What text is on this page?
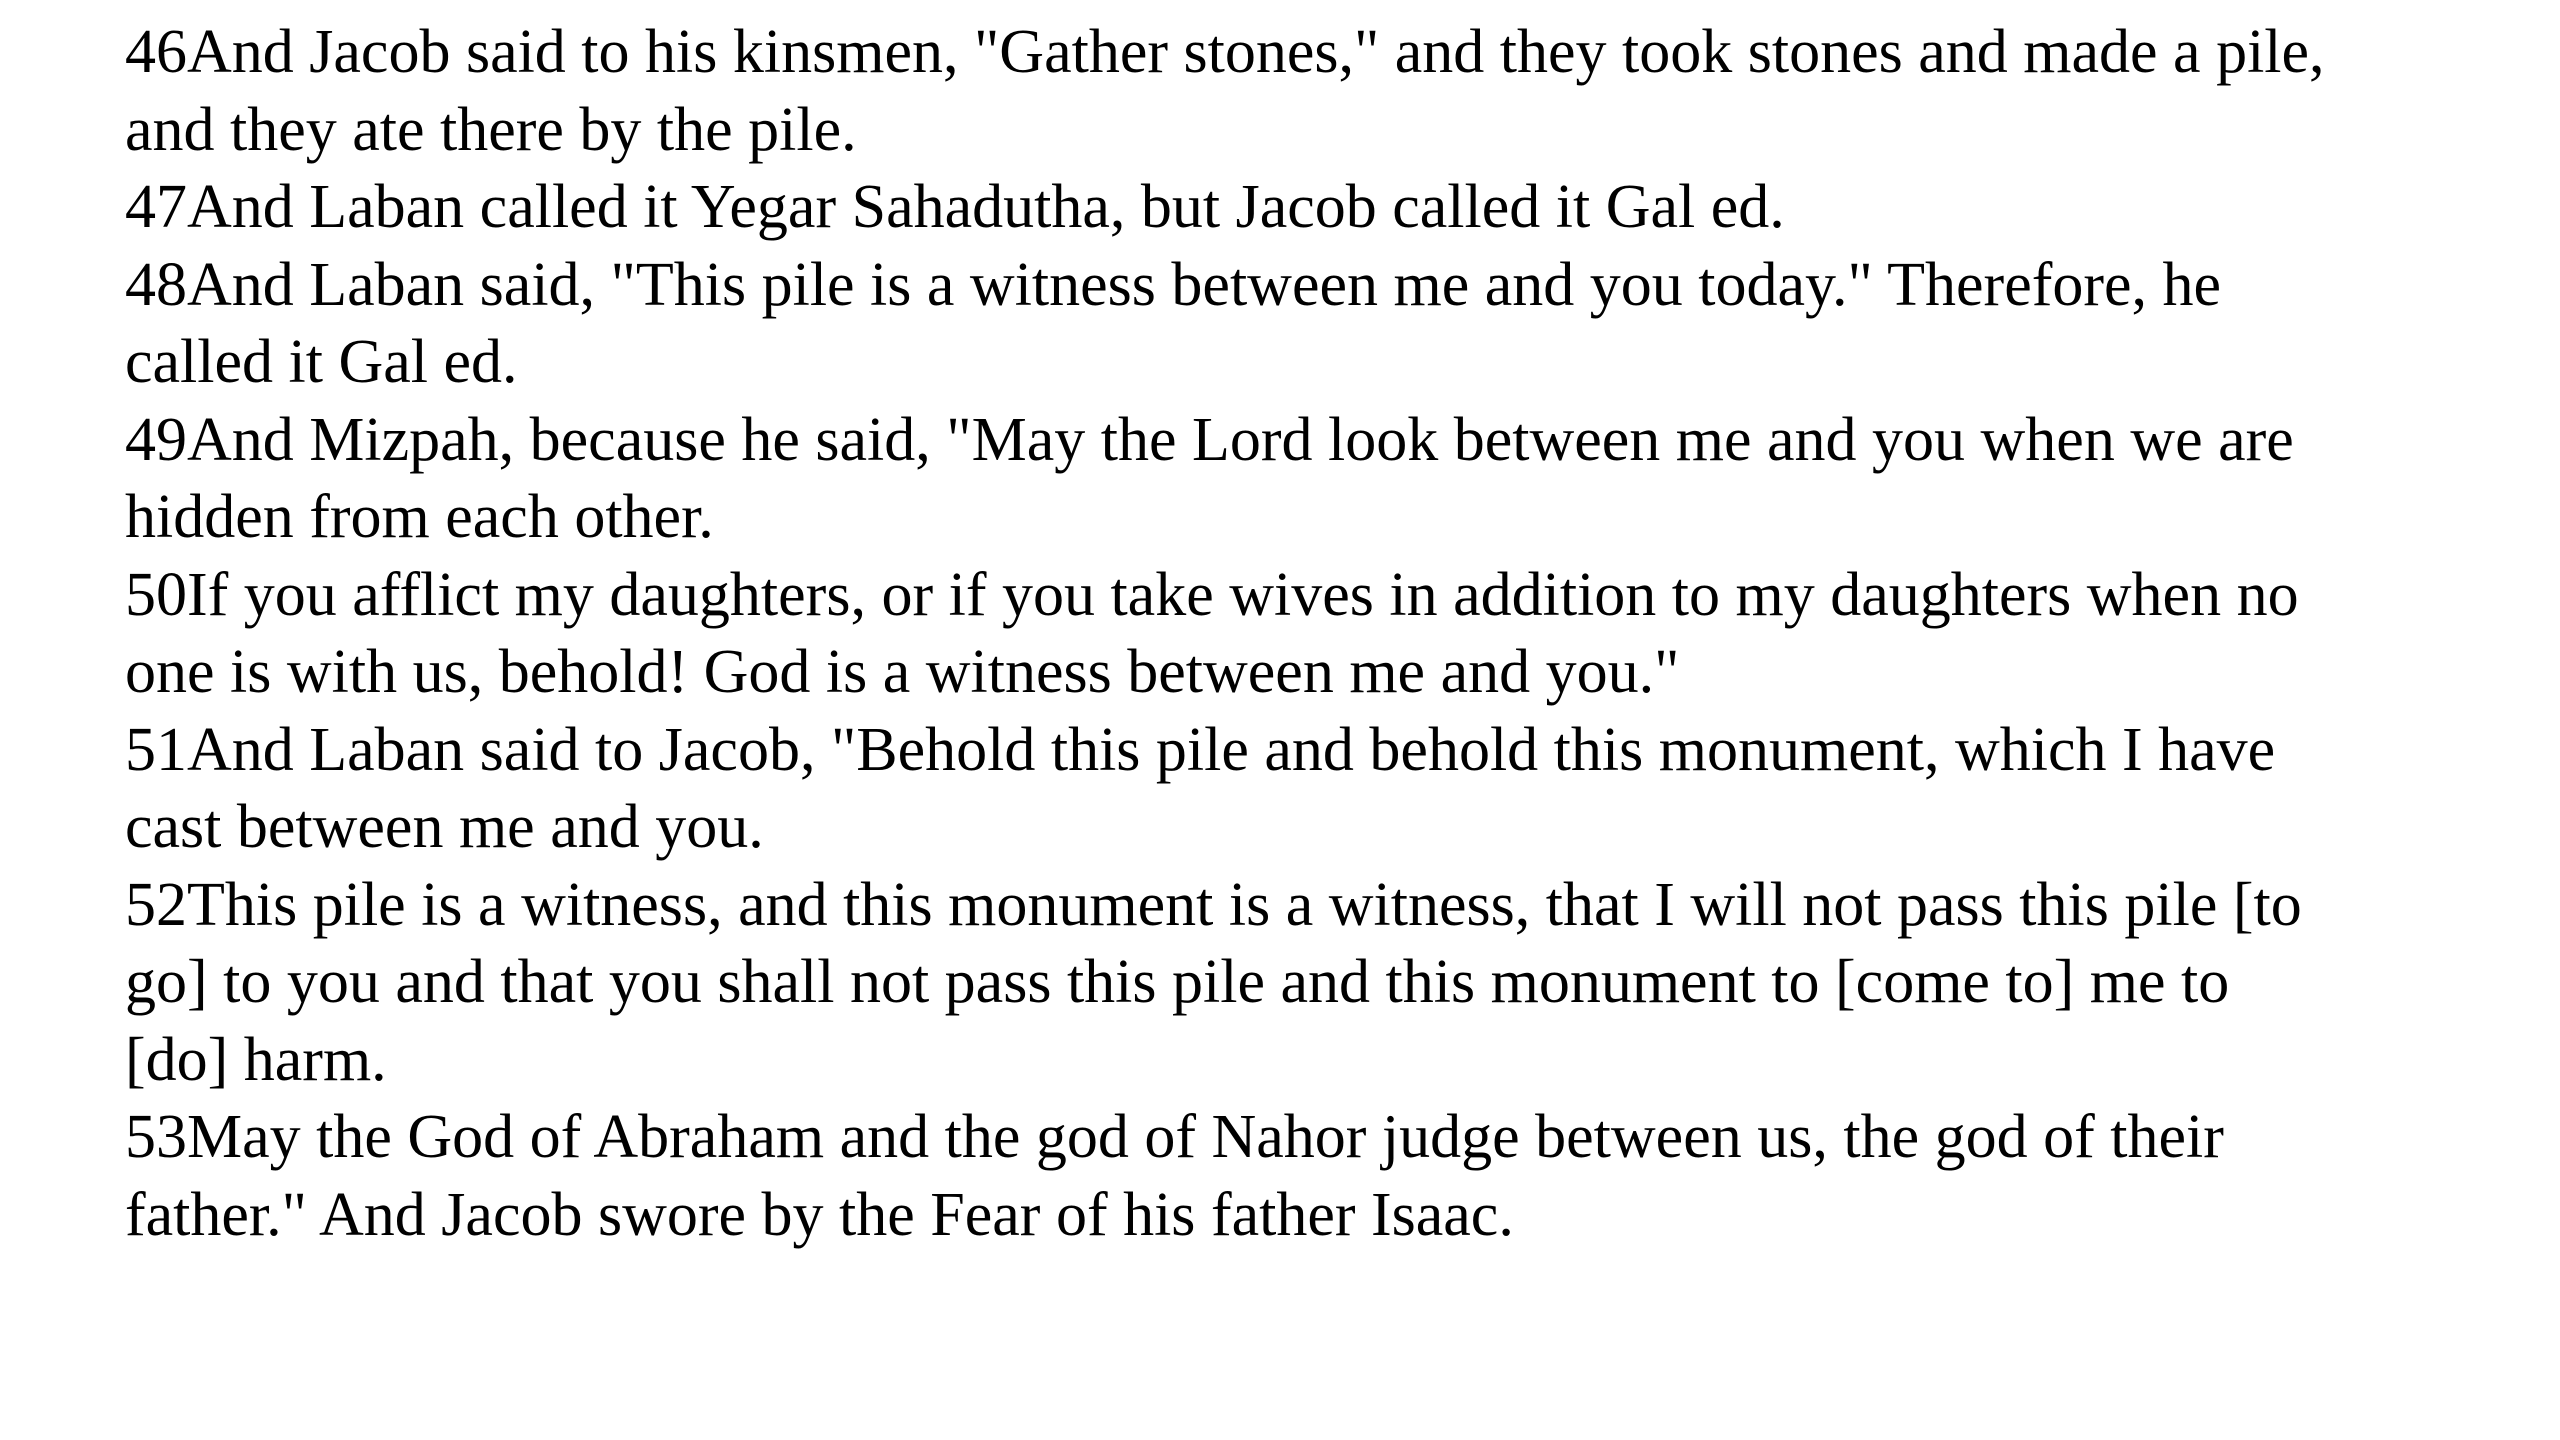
46And Jacob said to his kinsmen, "Gather stones," and they took stones and made a pile, and they ate there by the pile.

47And Laban called it Yegar Sahadutha, but Jacob called it Gal ed.

48And Laban said, "This pile is a witness between me and you today." Therefore, he called it Gal ed.

49And Mizpah, because he said, "May the Lord look between me and you when we are hidden from each other.

50If you afflict my daughters, or if you take wives in addition to my daughters when no one is with us, behold! God is a witness between me and you."

51And Laban said to Jacob, "Behold this pile and behold this monument, which I have cast between me and you.

52This pile is a witness, and this monument is a witness, that I will not pass this pile [to go] to you and that you shall not pass this pile and this monument to [come to] me to [do] harm.

53May the God of Abraham and the god of Nahor judge between us, the god of their father." And Jacob swore by the Fear of his father Isaac.
